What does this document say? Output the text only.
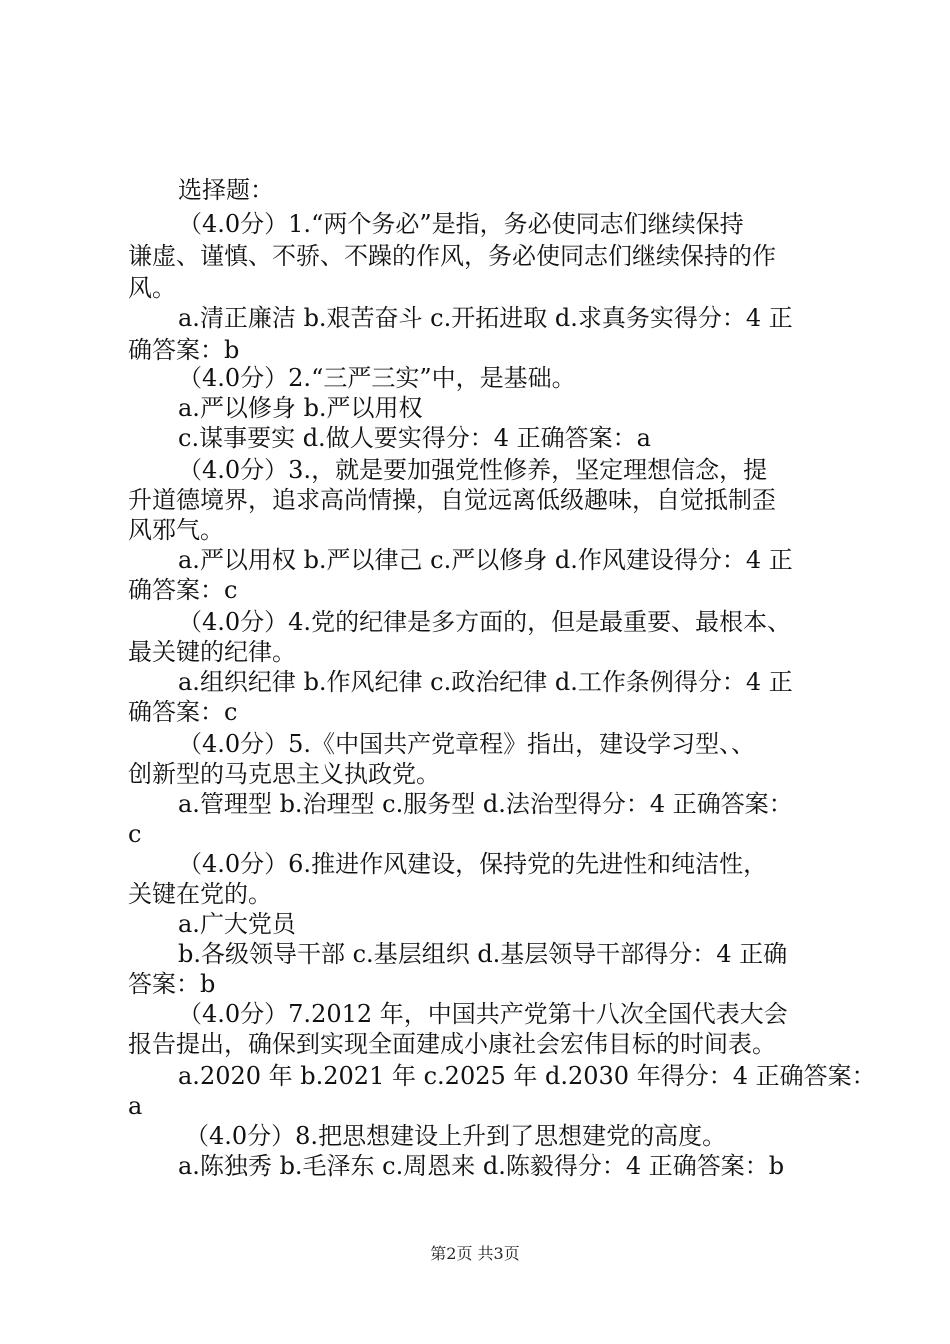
选择题：
（4.0分）1.“两个务必”是指，务必使同志们继续保持
谦虚、谨慎、不骄、不躁的作风，务必使同志们继续保持的作
风。
a.清正廉洁 b.艰苦奋斗 c.开拓进取 d.求真务实得分：4 正
确答案：b
（4.0分）2.“三严三实”中，是基础。
a.严以修身 b.严以用权
c.谋事要实 d.做人要实得分：4 正确答案：a
（4.0分）3.，就是要加强党性修养，坚定理想信念，提
升道德境界，追求高尚情操，自觉远离低级趣味，自觉抵制歪
风邪气。
a.严以用权 b.严以律己 c.严以修身 d.作风建设得分：4 正
确答案：c
（4.0分）4.党的纪律是多方面的，但是最重要、最根本、
最关键的纪律。
a.组织纪律 b.作风纪律 c.政治纪律 d.工作条例得分：4 正
确答案：c
（4.0分）5.《中国共产党章程》指出，建设学习型、、
创新型的马克思主义执政党。
a.管理型 b.治理型 c.服务型 d.法治型得分：4 正确答案：
c
（4.0分）6.推进作风建设，保持党的先进性和纯洁性，
关键在党的。
a.广大党员
b.各级领导干部 c.基层组织 d.基层领导干部得分：4 正确
答案：b
（4.0分）7.2012 年，中国共产党第十八次全国代表大会
报告提出，确保到实现全面建成小康社会宏伟目标的时间表。
a.2020 年 b.2021 年 c.2025 年 d.2030 年得分：4 正确答案：
a
（4.0分）8.把思想建设上升到了思想建党的高度。
a.陈独秀 b.毛泽东 c.周恩来 d.陈毅得分：4 正确答案：b
第2页 共3页
